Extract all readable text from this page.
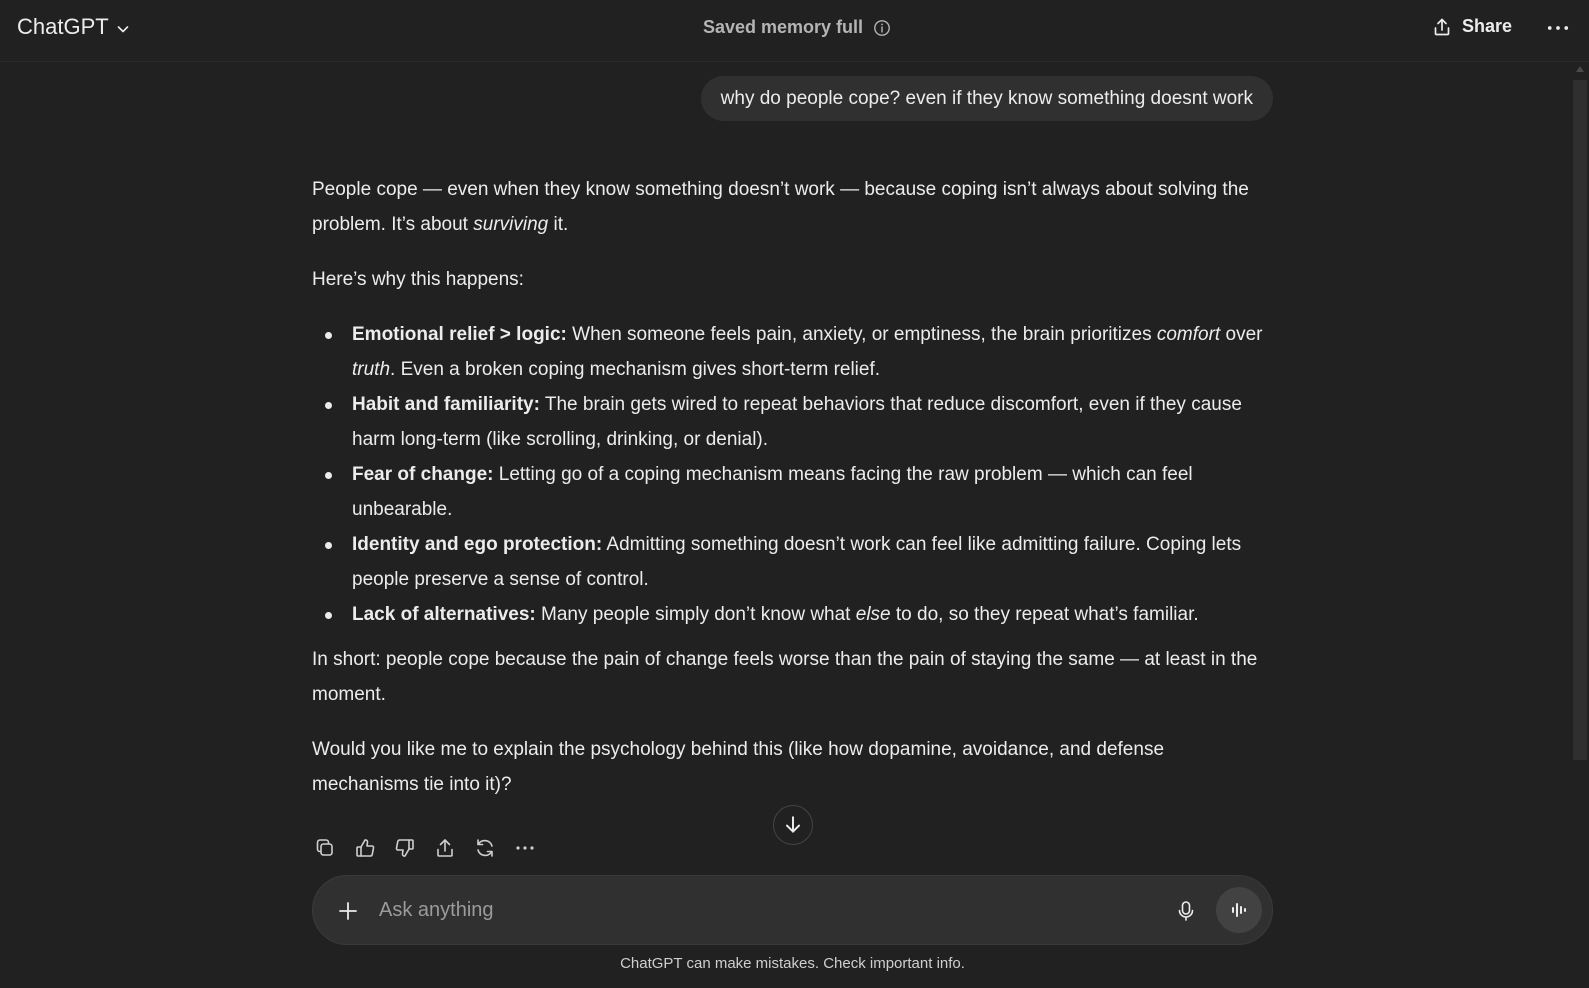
ChatGPT	Saved memory full	Share
why do people cope? even if they know something doesnt work

People cope — even when they know something doesn’t work — because coping isn’t always about solving the problem. It’s about surviving it.

Here’s why this happens:

Emotional relief > logic: When someone feels pain, anxiety, or emptiness, the brain prioritizes comfort over truth. Even a broken coping mechanism gives short-term relief.
Habit and familiarity: The brain gets wired to repeat behaviors that reduce discomfort, even if they cause harm long-term (like scrolling, drinking, or denial).
Fear of change: Letting go of a coping mechanism means facing the raw problem — which can feel unbearable.
Identity and ego protection: Admitting something doesn’t work can feel like admitting failure. Coping lets people preserve a sense of control.
Lack of alternatives: Many people simply don’t know what else to do, so they repeat what’s familiar.

In short: people cope because the pain of change feels worse than the pain of staying the same — at least in the moment.

Would you like me to explain the psychology behind this (like how dopamine, avoidance, and defense mechanisms tie into it)?

Ask anything
ChatGPT can make mistakes. Check important info.
